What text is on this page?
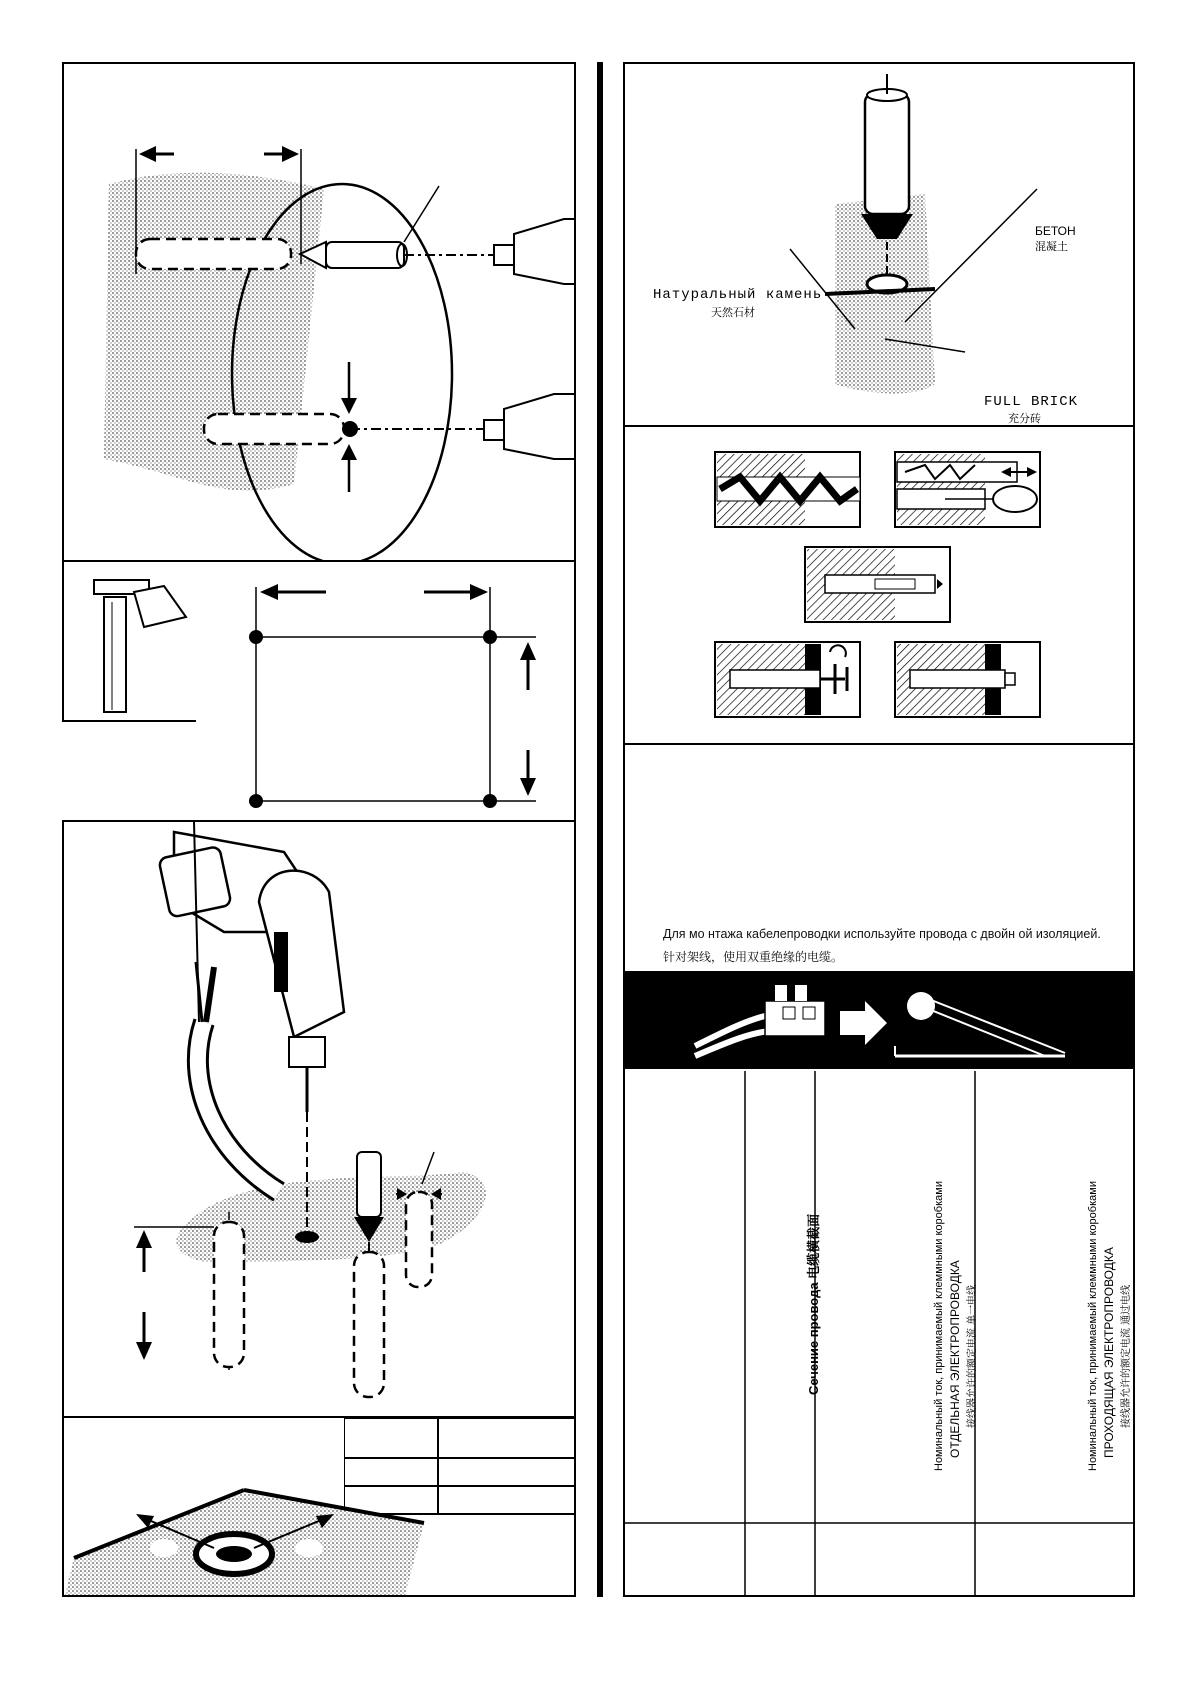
Натуральный камень
天然石材
БЕТОН
混凝土
FULL BRICK
充分砖
Для мо нтажа кабелепроводки используйте провода с двойн ой изоляцией.
针对架线，使用双重绝缘的电缆。
Сечение провода 电缆横截面	Номинальный ток, принимаемый клеммными коробками ОТДЕЛЬНАЯ ЭЛЕКТРОПРОВОДКА 接线器允许的额定电流 单一电线	Номинальный ток, принимаемый клеммными коробками ПРОХОДЯЩАЯ ЭЛЕКТРОПРОВОДКА 接线器允许的额定电流 通过电线
